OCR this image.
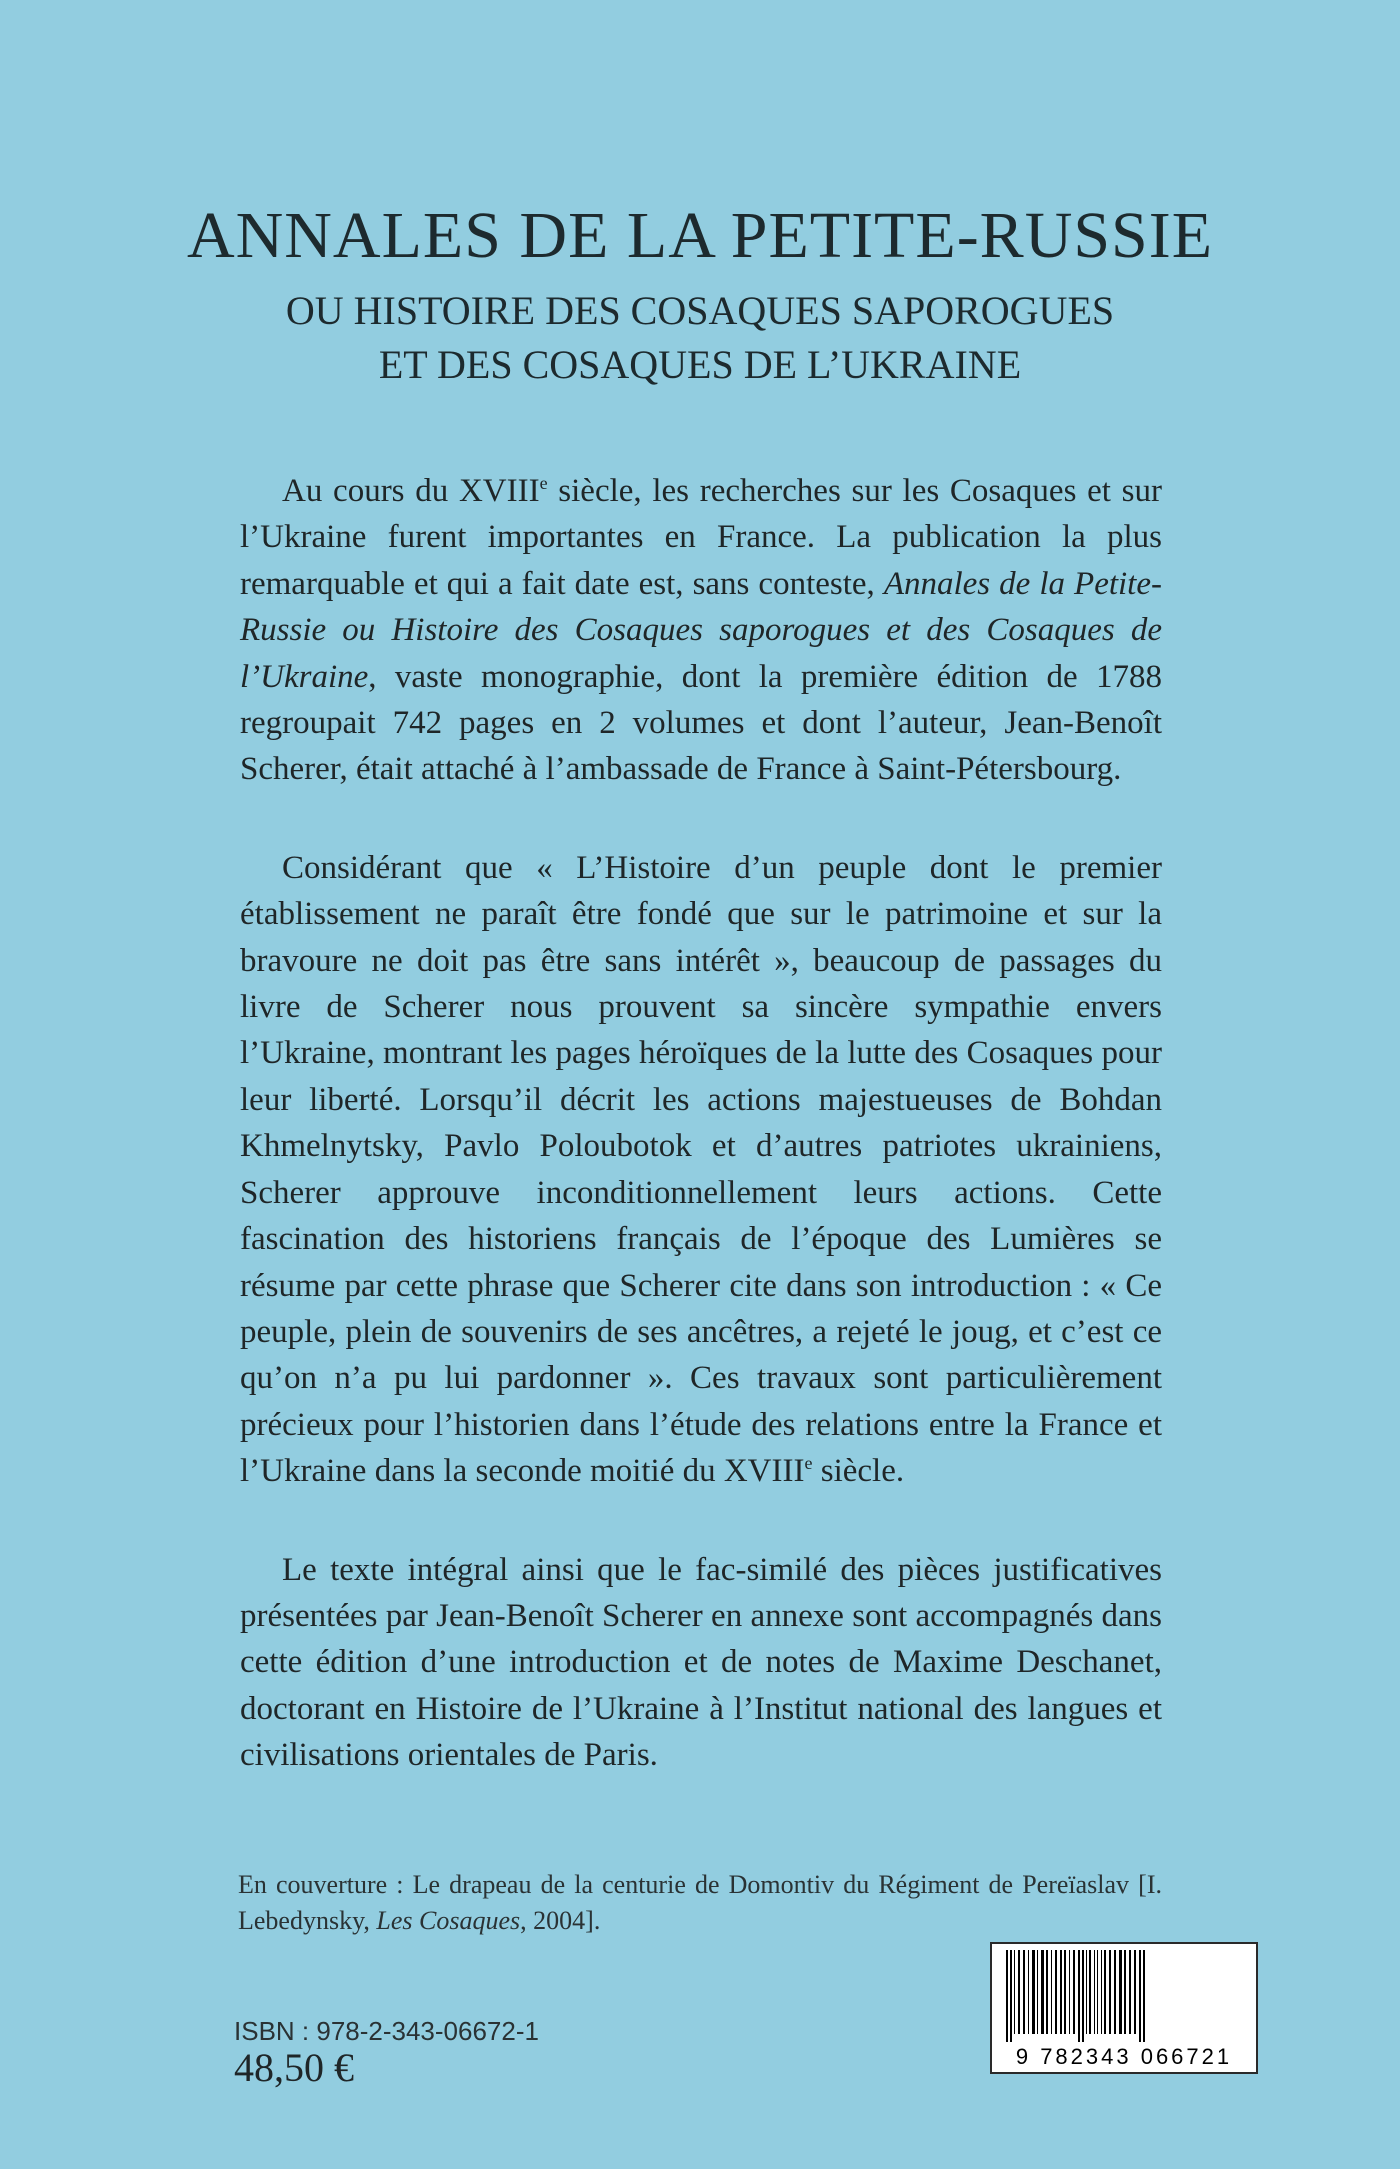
ANNALES DE LA PETITE-RUSSIE
OU HISTOIRE DES COSAQUES SAPOROGUES
ET DES COSAQUES DE L’UKRAINE

Au cours du XVIIIe siècle, les recherches sur les Cosaques et sur l’Ukraine furent importantes en France. La publication la plus remarquable et qui a fait date est, sans conteste, Annales de la Petite-Russie ou Histoire des Cosaques saporogues et des Cosaques de l’Ukraine, vaste monographie, dont la première édition de 1788 regroupait 742 pages en 2 volumes et dont l’auteur, Jean-Benoît Scherer, était attaché à l’ambassade de France à Saint-Pétersbourg.

Considérant que « L’Histoire d’un peuple dont le premier établissement ne paraît être fondé que sur le patrimoine et sur la bravoure ne doit pas être sans intérêt », beaucoup de passages du livre de Scherer nous prouvent sa sincère sympathie envers l’Ukraine, montrant les pages héroïques de la lutte des Cosaques pour leur liberté. Lorsqu’il décrit les actions majestueuses de Bohdan Khmelnytsky, Pavlo Poloubotok et d’autres patriotes ukrainiens, Scherer approuve inconditionnellement leurs actions. Cette fascination des historiens français de l’époque des Lumières se résume par cette phrase que Scherer cite dans son introduction : « Ce peuple, plein de souvenirs de ses ancêtres, a rejeté le joug, et c’est ce qu’on n’a pu lui pardonner ». Ces travaux sont particulièrement précieux pour l’historien dans l’étude des relations entre la France et l’Ukraine dans la seconde moitié du XVIIIe siècle.

Le texte intégral ainsi que le fac-similé des pièces justificatives présentées par Jean-Benoît Scherer en annexe sont accompagnés dans cette édition d’une introduction et de notes de Maxime Deschanet, doctorant en Histoire de l’Ukraine à l’Institut national des langues et civilisations orientales de Paris.

En couverture : Le drapeau de la centurie de Domontiv du Régiment de Pereïaslav [I. Lebedynsky, Les Cosaques, 2004].
ISBN : 978-2-343-06672-1
48,50 €	9 782343 066721
